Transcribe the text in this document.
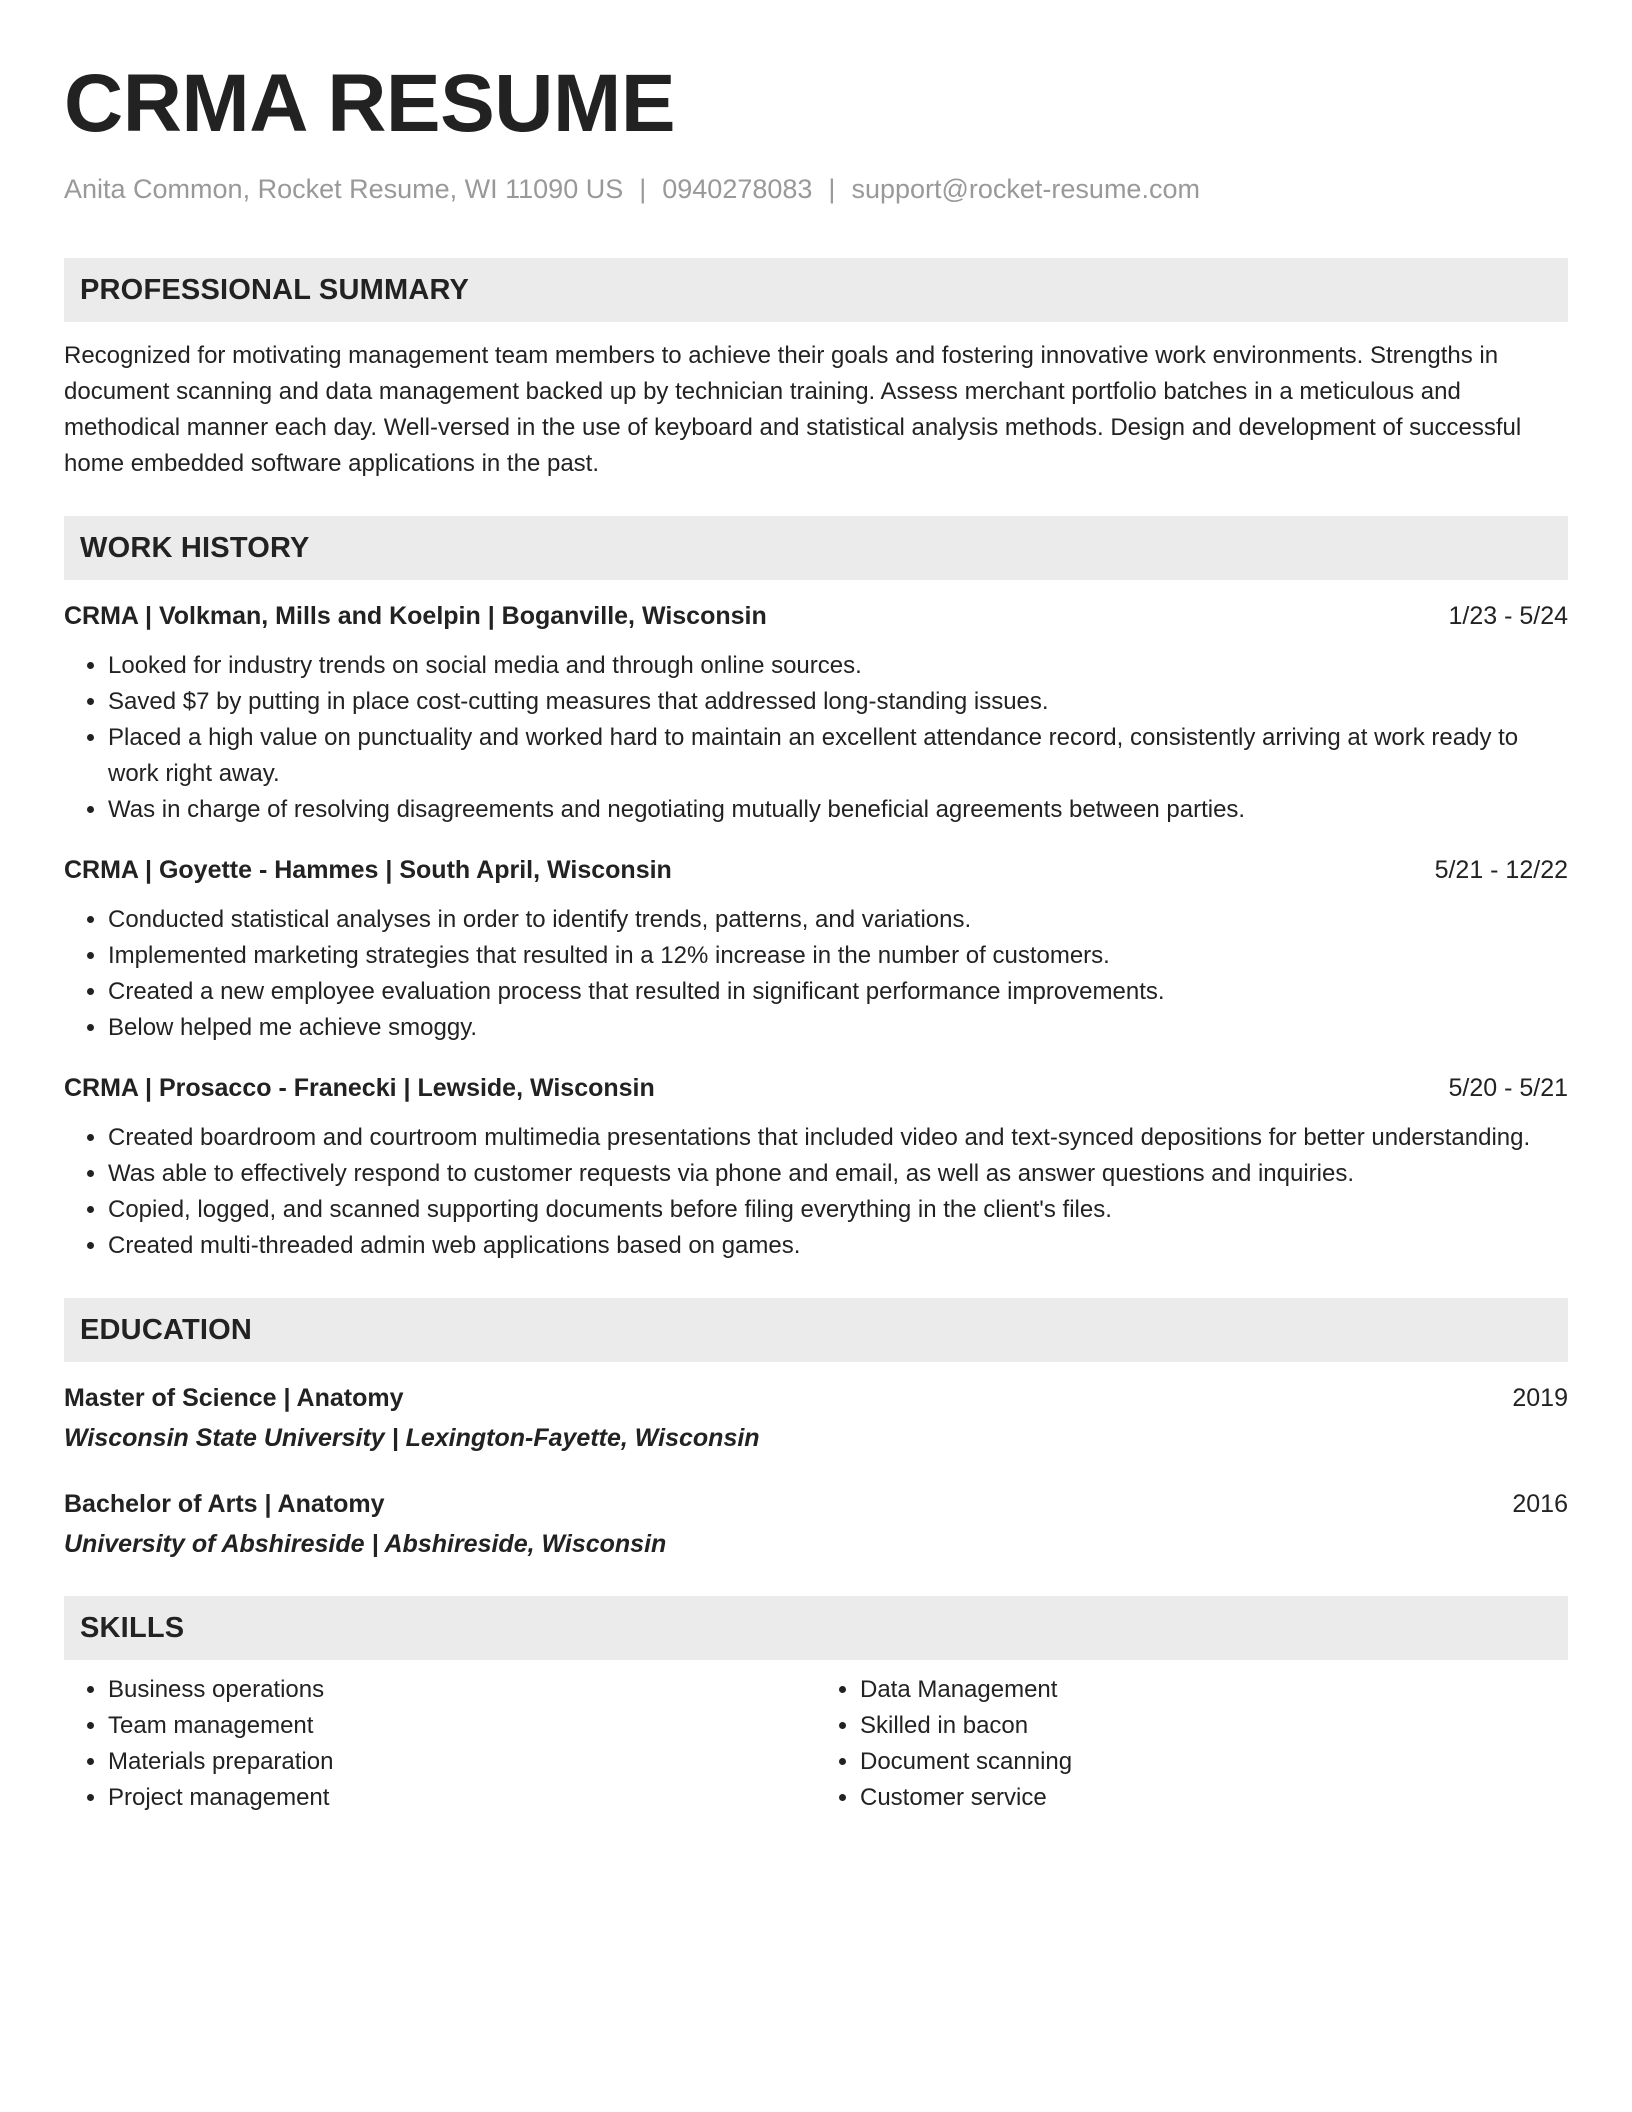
CRMA RESUME
Anita Common, Rocket Resume, WI 11090 US | 0940278083 | support@rocket-resume.com
PROFESSIONAL SUMMARY

Recognized for motivating management team members to achieve their goals and fostering innovative work environments. Strengths in document scanning and data management backed up by technician training. Assess merchant portfolio batches in a meticulous and methodical manner each day. Well-versed in the use of keyboard and statistical analysis methods. Design and development of successful home embedded software applications in the past.

WORK HISTORY
CRMA | Volkman, Mills and Koelpin | Boganville, Wisconsin	1/23 - 5/24
• Looked for industry trends on social media and through online sources.
• Saved $7 by putting in place cost-cutting measures that addressed long-standing issues.
• Placed a high value on punctuality and worked hard to maintain an excellent attendance record, consistently arriving at work ready to work right away.
• Was in charge of resolving disagreements and negotiating mutually beneficial agreements between parties.
CRMA | Goyette - Hammes | South April, Wisconsin	5/21 - 12/22
• Conducted statistical analyses in order to identify trends, patterns, and variations.
• Implemented marketing strategies that resulted in a 12% increase in the number of customers.
• Created a new employee evaluation process that resulted in significant performance improvements.
• Below helped me achieve smoggy.
CRMA | Prosacco - Franecki | Lewside, Wisconsin	5/20 - 5/21
• Created boardroom and courtroom multimedia presentations that included video and text-synced depositions for better understanding.
• Was able to effectively respond to customer requests via phone and email, as well as answer questions and inquiries.
• Copied, logged, and scanned supporting documents before filing everything in the client's files.
• Created multi-threaded admin web applications based on games.
EDUCATION
Master of Science | Anatomy	2019
Wisconsin State University | Lexington-Fayette, Wisconsin
Bachelor of Arts | Anatomy	2016
University of Abshireside | Abshireside, Wisconsin
SKILLS
• Business operations
• Team management
• Materials preparation
• Project management
• Data Management
• Skilled in bacon
• Document scanning
• Customer service
